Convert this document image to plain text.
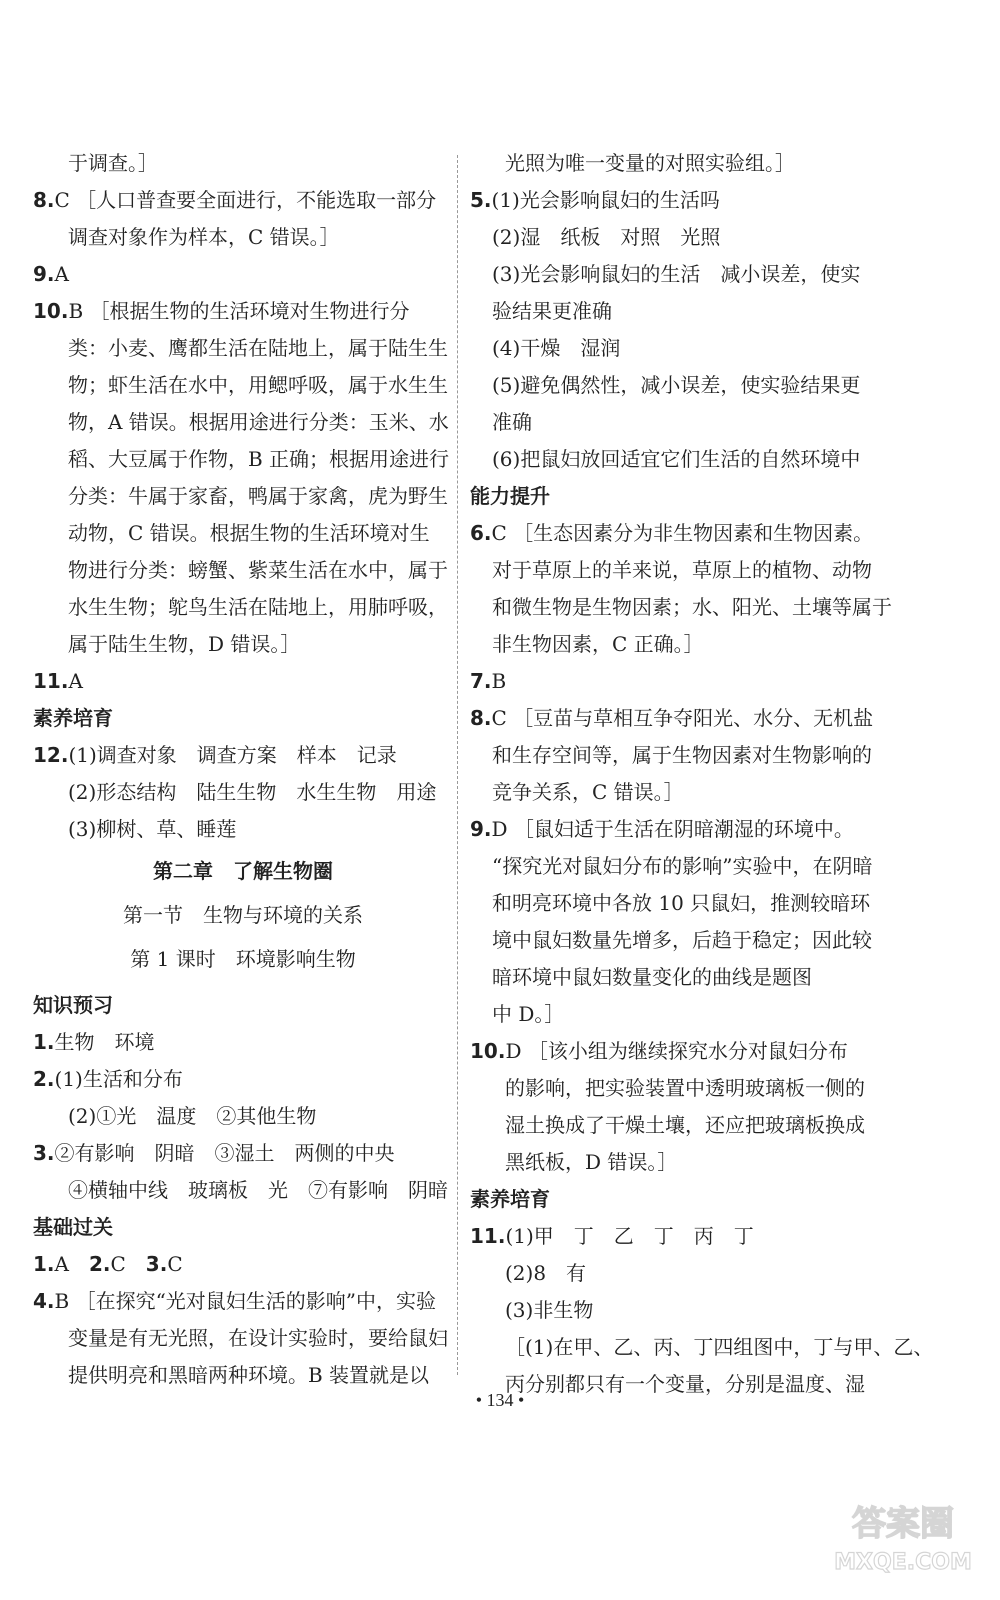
于调查。］
8.C ［人口普查要全面进行，不能选取一部分
调查对象作为样本，C 错误。］
9.A
10.B ［根据生物的生活环境对生物进行分
类：小麦、鹰都生活在陆地上，属于陆生生
物；虾生活在水中，用鳃呼吸，属于水生生
物，A 错误。根据用途进行分类：玉米、水
稻、大豆属于作物，B 正确；根据用途进行
分类：牛属于家畜，鸭属于家禽，虎为野生
动物，C 错误。根据生物的生活环境对生
物进行分类：螃蟹、紫菜生活在水中，属于
水生生物；鸵鸟生活在陆地上，用肺呼吸，
属于陆生生物，D 错误。］
11.A
素养培育
12.(1)调查对象　调查方案　样本　记录
(2)形态结构　陆生生物　水生生物　用途
(3)柳树、草、睡莲
第二章　了解生物圈
第一节　生物与环境的关系
第 1 课时　环境影响生物
知识预习
1.生物　环境
2.(1)生活和分布
(2)①光　温度　②其他生物
3.②有影响　阴暗　③湿土　两侧的中央
④横轴中线　玻璃板　光　⑦有影响　阴暗
基础过关
1.A　 2.C　 3.C
4.B ［在探究“光对鼠妇生活的影响”中，实验
变量是有无光照，在设计实验时，要给鼠妇
提供明亮和黑暗两种环境。B 装置就是以
光照为唯一变量的对照实验组。］
5.(1)光会影响鼠妇的生活吗
(2)湿　纸板　对照　光照
(3)光会影响鼠妇的生活　减小误差，使实
验结果更准确
(4)干燥　湿润
(5)避免偶然性，减小误差，使实验结果更
准确
(6)把鼠妇放回适宜它们生活的自然环境中
能力提升
6.C ［生态因素分为非生物因素和生物因素。
对于草原上的羊来说，草原上的植物、动物
和微生物是生物因素；水、阳光、土壤等属于
非生物因素，C 正确。］
7.B
8.C ［豆苗与草相互争夺阳光、水分、无机盐
和生存空间等，属于生物因素对生物影响的
竞争关系，C 错误。］
9.D ［鼠妇适于生活在阴暗潮湿的环境中。
“探究光对鼠妇分布的影响”实验中，在阴暗
和明亮环境中各放 10 只鼠妇，推测较暗环
境中鼠妇数量先增多，后趋于稳定；因此较
暗环境中鼠妇数量变化的曲线是题图
中 D。］
10.D ［该小组为继续探究水分对鼠妇分布
的影响，把实验装置中透明玻璃板一侧的
湿土换成了干燥土壤，还应把玻璃板换成
黑纸板，D 错误。］
素养培育
11.(1)甲　丁　乙　丁　丙　丁
(2)8　有
(3)非生物
［(1)在甲、乙、丙、丁四组图中，丁与甲、乙、
丙分别都只有一个变量，分别是温度、湿
• 134 •
答案圈
MXQE.COM
